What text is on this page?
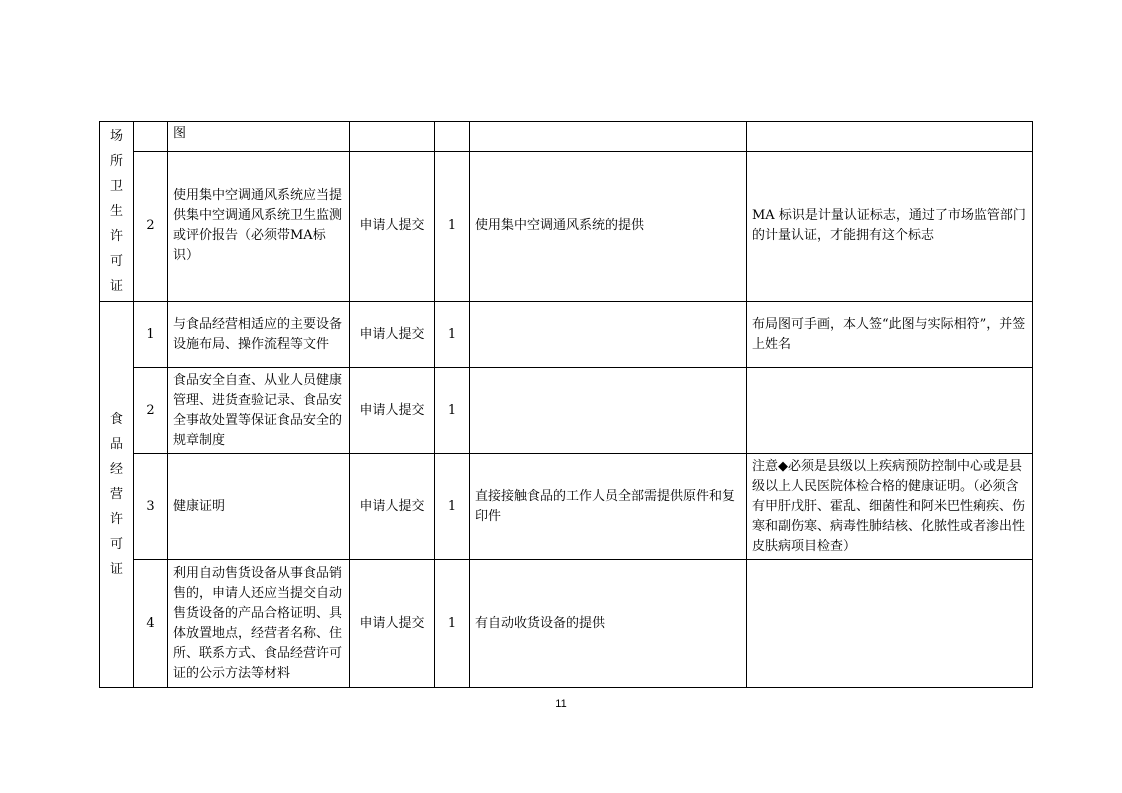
场所卫生许可证		图				
	2	使用集中空调通风系统应当提供集中空调通风系统卫生监测或评价报告（必须带MA标识）	申请人提交	1	使用集中空调通风系统的提供	MA 标识是计量认证标志，通过了市场监管部门的计量认证，才能拥有这个标志

食品经营许可证	1	与食品经营相适应的主要设备设施布局、操作流程等文件	申请人提交	1		布局图可手画，本人签“此图与实际相符”，并签上姓名
	2	食品安全自查、从业人员健康管理、进货查验记录、食品安全事故处置等保证食品安全的规章制度	申请人提交	1		
	3	健康证明	申请人提交	1	直接接触食品的工作人员全部需提供原件和复印件	注意◆必须是县级以上疾病预防控制中心或是县级以上人民医院体检合格的健康证明。（必须含有甲肝戊肝、霍乱、细菌性和阿米巴性痢疾、伤寒和副伤寒、病毒性肺结核、化脓性或者渗出性皮肤病项目检查）
	4	利用自动售货设备从事食品销售的，申请人还应当提交自动售货设备的产品合格证明、具体放置地点，经营者名称、住所、联系方式、食品经营许可证的公示方法等材料	申请人提交	1	有自动收货设备的提供	
11
